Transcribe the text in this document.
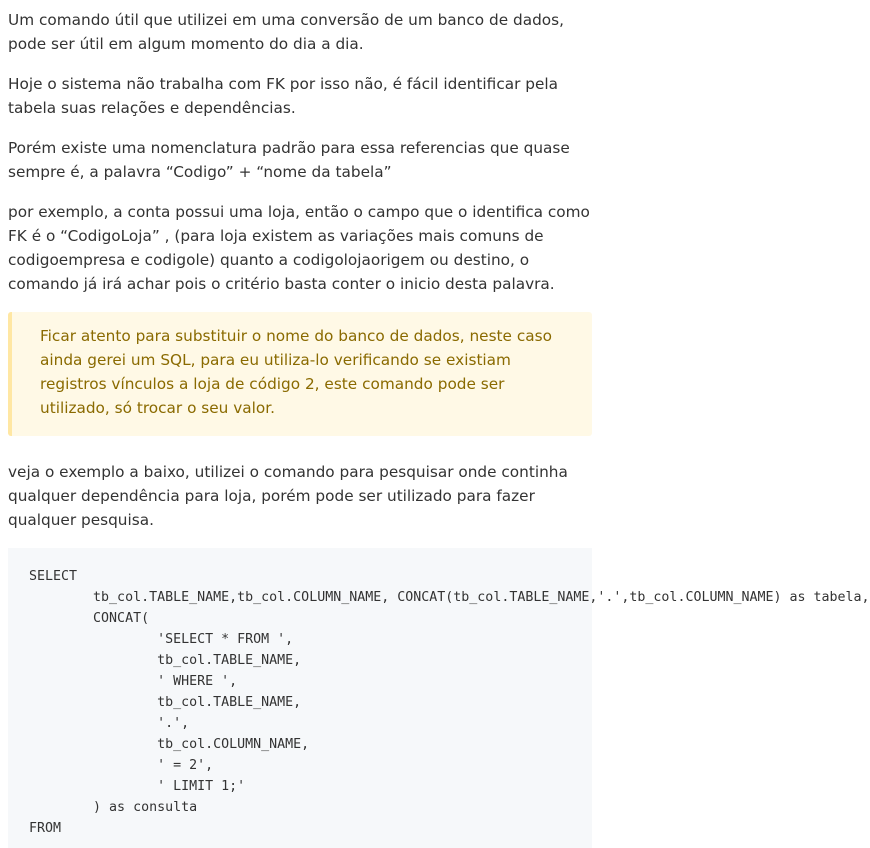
Um comando útil que utilizei em uma conversão de um banco de dados, pode ser útil em algum momento do dia a dia.

Hoje o sistema não trabalha com FK por isso não, é fácil identificar pela tabela suas relações e dependências.

Porém existe uma nomenclatura padrão para essa referencias que quase sempre é, a palavra “Codigo” + “nome da tabela”

por exemplo, a conta possui uma loja, então o campo que o identifica como FK é o “CodigoLoja” , (para loja existem as variações mais comuns de codigoempresa e codigole) quanto a codigolojaorigem ou destino, o comando já irá achar pois o critério basta conter o inicio desta palavra.

Ficar atento para substituir o nome do banco de dados, neste caso ainda gerei um SQL, para eu utiliza-lo verificando se existiam registros vínculos a loja de código 2, este comando pode ser utilizado, só trocar o seu valor.

veja o exemplo a baixo, utilizei o comando para pesquisar onde continha qualquer dependência para loja, porém pode ser utilizado para fazer qualquer pesquisa.

SELECT
tb_col.TABLE_NAME,tb_col.COLUMN_NAME, CONCAT(tb_col.TABLE_NAME,'.',tb_col.COLUMN_NAME) as tabela,
CONCAT(
'SELECT * FROM ',
tb_col.TABLE_NAME,
' WHERE ',
tb_col.TABLE_NAME,
'.',
tb_col.COLUMN_NAME,
' = 2',
' LIMIT 1;'
) as consulta
FROM
